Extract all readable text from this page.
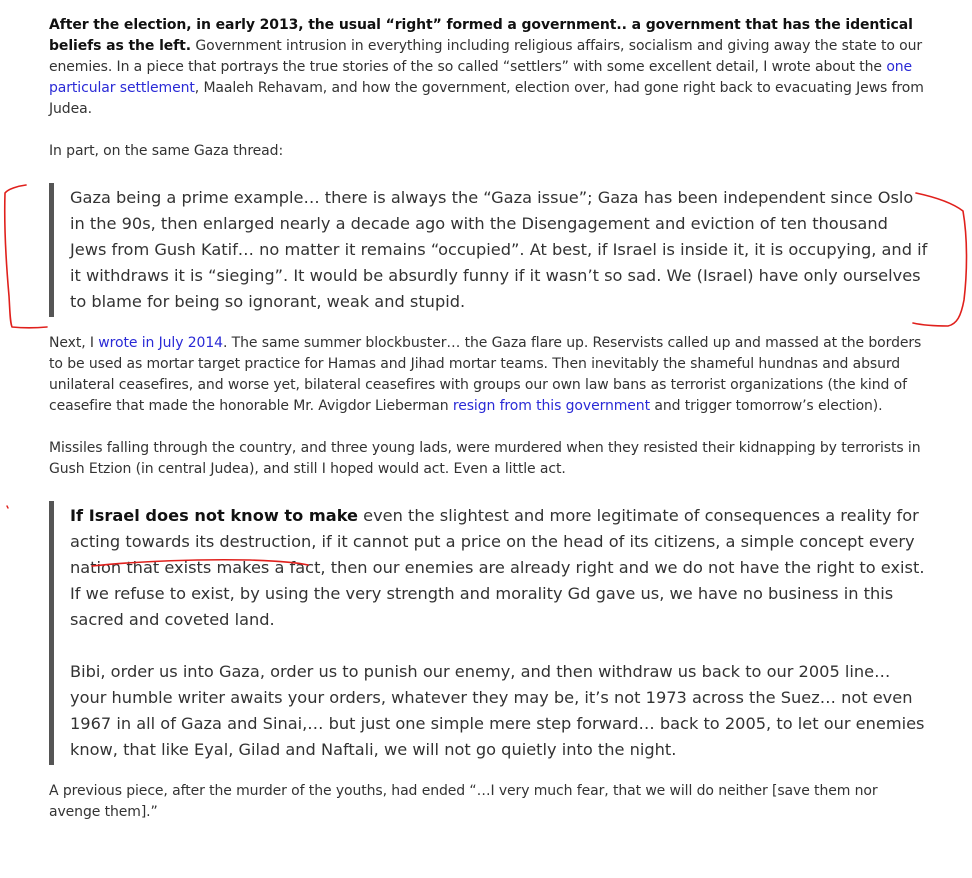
After the election, in early 2013, the usual “right” formed a government.. a government that has the identical beliefs as the left. Government intrusion in everything including religious affairs, socialism and giving away the state to our enemies. In a piece that portrays the true stories of the so called “settlers” with some excellent detail, I wrote about the one particular settlement, Maaleh Rehavam, and how the government, election over, had gone right back to evacuating Jews from Judea.

In part, on the same Gaza thread:

Gaza being a prime example… there is always the “Gaza issue”; Gaza has been independent since Oslo in the 90s, then enlarged nearly a decade ago with the Disengagement and eviction of ten thousand Jews from Gush Katif… no matter it remains “occupied”. At best, if Israel is inside it, it is occupying, and if it withdraws it is “sieging”. It would be absurdly funny if it wasn’t so sad. We (Israel) have only ourselves to blame for being so ignorant, weak and stupid.

Next, I wrote in July 2014. The same summer blockbuster… the Gaza flare up. Reservists called up and massed at the borders to be used as mortar target practice for Hamas and Jihad mortar teams. Then inevitably the shameful hundnas and absurd unilateral ceasefires, and worse yet, bilateral ceasefires with groups our own law bans as terrorist organizations (the kind of ceasefire that made the honorable Mr. Avigdor Lieberman resign from this government and trigger tomorrow’s election).

Missiles falling through the country, and three young lads, were murdered when they resisted their kidnapping by terrorists in Gush Etzion (in central Judea), and still I hoped would act. Even a little act.

If Israel does not know to make even the slightest and more legitimate of consequences a reality for acting towards its destruction, if it cannot put a price on the head of its citizens, a simple concept every nation that exists makes a fact, then our enemies are already right and we do not have the right to exist. If we refuse to exist, by using the very strength and morality Gd gave us, we have no business in this sacred and coveted land.

Bibi, order us into Gaza, order us to punish our enemy, and then withdraw us back to our 2005 line… your humble writer awaits your orders, whatever they may be, it’s not 1973 across the Suez… not even 1967 in all of Gaza and Sinai,… but just one simple mere step forward… back to 2005, to let our enemies know, that like Eyal, Gilad and Naftali, we will not go quietly into the night.

A previous piece, after the murder of the youths, had ended “…I very much fear, that we will do neither [save them nor avenge them].”
